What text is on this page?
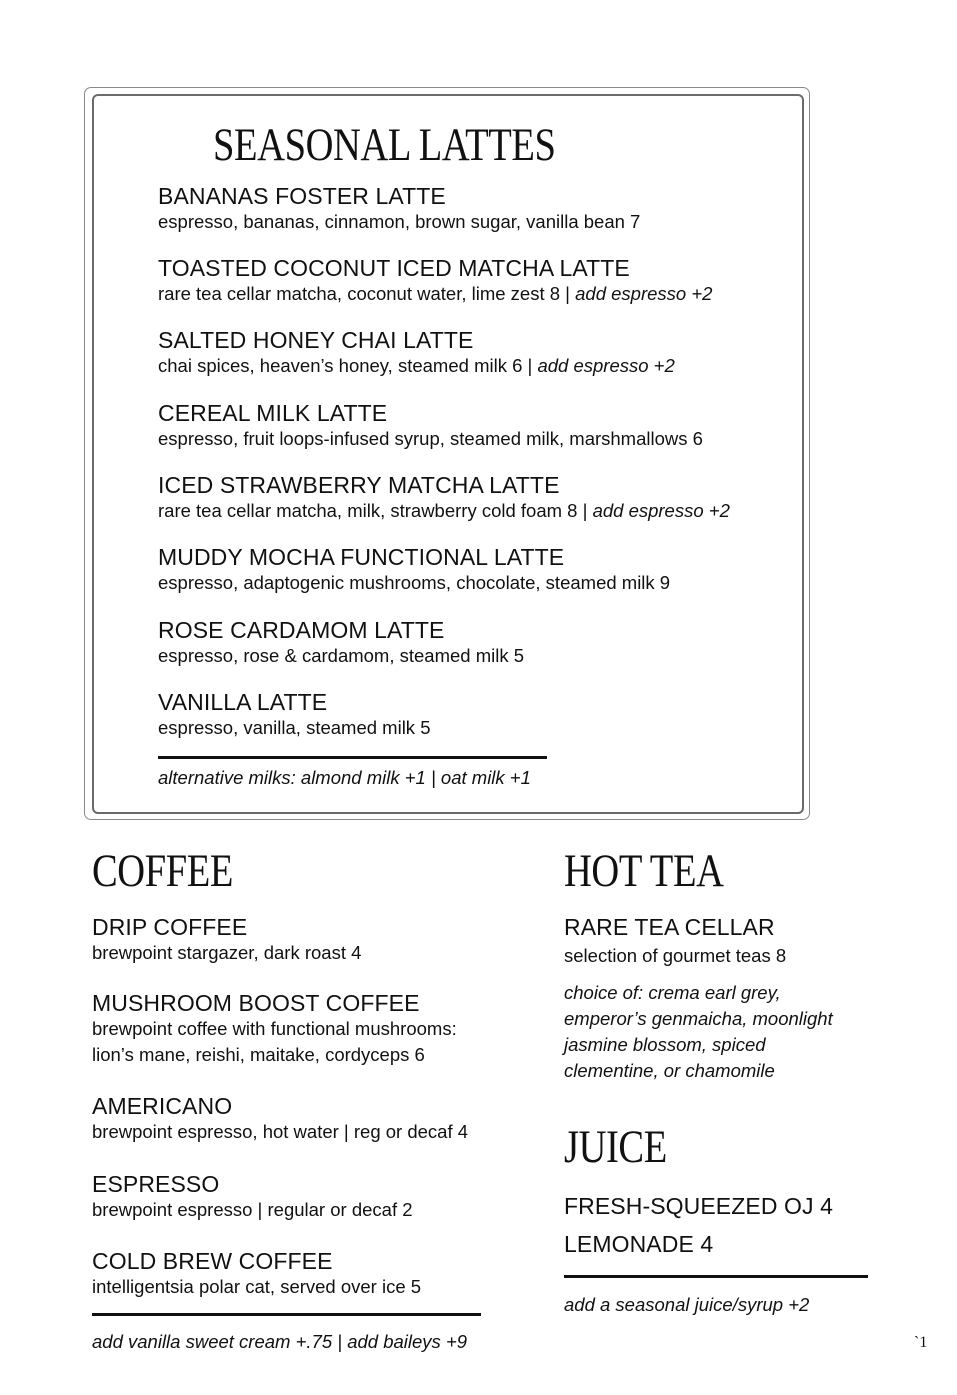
SEASONAL LATTES

BANANAS FOSTER LATTE

espresso, bananas, cinnamon, brown sugar, vanilla bean 7

TOASTED COCONUT ICED MATCHA LATTE

rare tea cellar matcha, coconut water, lime zest 8 | add espresso +2

SALTED HONEY CHAI LATTE

chai spices, heaven’s honey, steamed milk 6 | add espresso +2

CEREAL MILK LATTE

espresso, fruit loops-infused syrup, steamed milk, marshmallows 6

ICED STRAWBERRY MATCHA LATTE

rare tea cellar matcha, milk, strawberry cold foam 8 | add espresso +2

MUDDY MOCHA FUNCTIONAL LATTE

espresso, adaptogenic mushrooms, chocolate, steamed milk 9

ROSE CARDAMOM LATTE

espresso, rose & cardamom, steamed milk 5

VANILLA LATTE

espresso, vanilla, steamed milk 5

alternative milks: almond milk +1 | oat milk +1
COFFEE

DRIP COFFEE

brewpoint stargazer, dark roast 4

MUSHROOM BOOST COFFEE

brewpoint coffee with functional mushrooms:

lion’s mane, reishi, maitake, cordyceps 6

AMERICANO

brewpoint espresso, hot water | reg or decaf 4

ESPRESSO

brewpoint espresso | regular or decaf 2

COLD BREW COFFEE

intelligentsia polar cat, served over ice 5

add vanilla sweet cream +.75 | add baileys +9
HOT TEA

RARE TEA CELLAR

selection of gourmet teas 8

choice of: crema earl grey, emperor’s genmaicha, moonlight jasmine blossom, spiced clementine, or chamomile
JUICE

FRESH-SQUEEZED OJ 4

LEMONADE 4

add a seasonal juice/syrup +2
`1
